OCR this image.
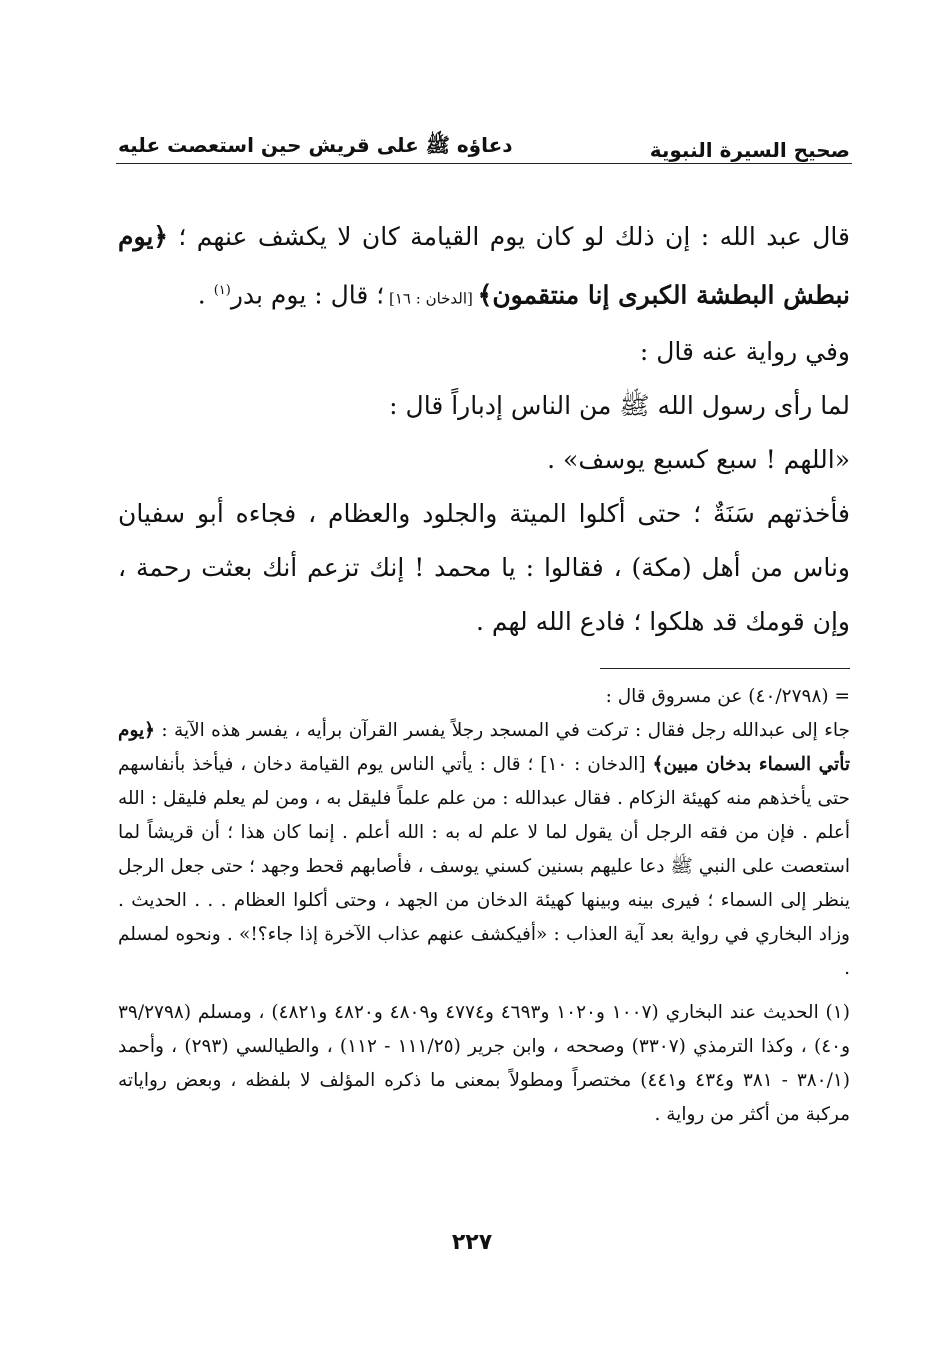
صحيح السيرة النبوية
دعاؤه ﷺ على قريش حين استعصت عليه

قال عبد الله : إن ذلك لو كان يوم القيامة كان لا يكشف عنهم ؛ ﴿يوم نبطش البطشة الكبرى إنا منتقمون﴾ [الدخان : ١٦] ؛ قال : يوم بدر$^{(١)}$ .

وفي رواية عنه قال :

لما رأى رسول الله ﷺ من الناس إدباراً قال :

«اللهم ! سبع كسبع يوسف» .

فأخذتهم سَنَةٌ ؛ حتى أكلوا الميتة والجلود والعظام ، فجاءه أبو سفيان وناس من أهل (مكة) ، فقالوا : يا محمد ! إنك تزعم أنك بعثت رحمة ، وإن قومك قد هلكوا ؛ فادع الله لهم .

= (٤٠/٢٧٩٨) عن مسروق قال :

جاء إلى عبدالله رجل فقال : تركت في المسجد رجلاً يفسر القرآن برأيه ، يفسر هذه الآية : ﴿يوم تأتي السماء بدخان مبين﴾ [الدخان : ١٠] ؛ قال : يأتي الناس يوم القيامة دخان ، فيأخذ بأنفاسهم حتى يأخذهم منه كهيئة الزكام . فقال عبدالله : من علم علماً فليقل به ، ومن لم يعلم فليقل : الله أعلم . فإن من فقه الرجل أن يقول لما لا علم له به : الله أعلم . إنما كان هذا ؛ أن قريشاً لما استعصت على النبي ﷺ دعا عليهم بسنين كسني يوسف ، فأصابهم قحط وجهد ؛ حتى جعل الرجل ينظر إلى السماء ؛ فيرى بينه وبينها كهيئة الدخان من الجهد ، وحتى أكلوا العظام . . . الحديث . وزاد البخاري في رواية بعد آية العذاب : «أفيكشف عنهم عذاب الآخرة إذا جاء؟!» . ونحوه لمسلم .

(١) الحديث عند البخاري (١٠٠٧ و١٠٢٠ و٤٦٩٣ و٤٧٧٤ و٤٨٠٩ و٤٨٢٠ و٤٨٢١) ، ومسلم (٣٩/٢٧٩٨ و٤٠) ، وكذا الترمذي (٣٣٠٧) وصححه ، وابن جرير (١١١/٢٥ - ١١٢) ، والطيالسي (٢٩٣) ، وأحمد (٣٨٠/١ - ٣٨١ و٤٣٤ و٤٤١) مختصراً ومطولاً بمعنى ما ذكره المؤلف لا بلفظه ، وبعض رواياته مركبة من أكثر من رواية .

٢٢٧
